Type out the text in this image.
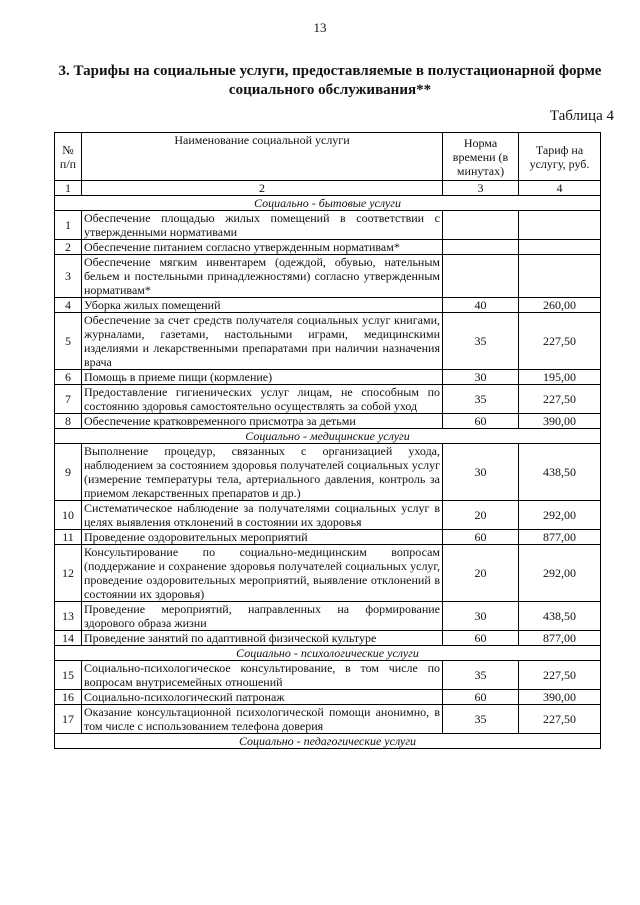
13
3. Тарифы на социальные услуги, предоставляемые в полустационарной форме социального обслуживания**
Таблица 4
№ п/п	Наименование социальной услуги	Норма времени (в минутах)	Тариф на услугу, руб.
1	2	3	4
Социально - бытовые услуги			
1	Обеспечение площадью жилых помещений в соответствии с утвержденными нормативами		
2	Обеспечение питанием согласно утвержденным нормативам*		
3	Обеспечение мягким инвентарем (одеждой, обувью, нательным бельем и постельными принадлежностями) согласно утвержденным нормативам*		
4	Уборка жилых помещений	40	260,00
5	Обеспечение за счет средств получателя социальных услуг книгами, журналами, газетами, настольными играми, медицинскими изделиями и лекарственными препаратами при наличии назначения врача	35	227,50
6	Помощь в приеме пищи (кормление)	30	195,00
7	Предоставление гигиенических услуг лицам, не способным по состоянию здоровья самостоятельно осуществлять за собой уход	35	227,50
8	Обеспечение кратковременного присмотра за детьми	60	390,00
Социально - медицинские услуги			
9	Выполнение процедур, связанных с организацией ухода, наблюдением за состоянием здоровья получателей социальных услуг (измерение температуры тела, артериального давления, контроль за приемом лекарственных препаратов и др.)	30	438,50
10	Систематическое наблюдение за получателями социальных услуг в целях выявления отклонений в состоянии их здоровья	20	292,00
11	Проведение оздоровительных мероприятий	60	877,00
12	Консультирование по социально-медицинским вопросам (поддержание и сохранение здоровья получателей социальных услуг, проведение оздоровительных мероприятий, выявление отклонений в состоянии их здоровья)	20	292,00
13	Проведение мероприятий, направленных на формирование здорового образа жизни	30	438,50
14	Проведение занятий по адаптивной физической культуре	60	877,00
Социально - психологические услуги			
15	Социально-психологическое консультирование, в том числе по вопросам внутрисемейных отношений	35	227,50
16	Социально-психологический патронаж	60	390,00
17	Оказание консультационной психологической помощи анонимно, в том числе с использованием телефона доверия	35	227,50
Социально - педагогические услуги			
